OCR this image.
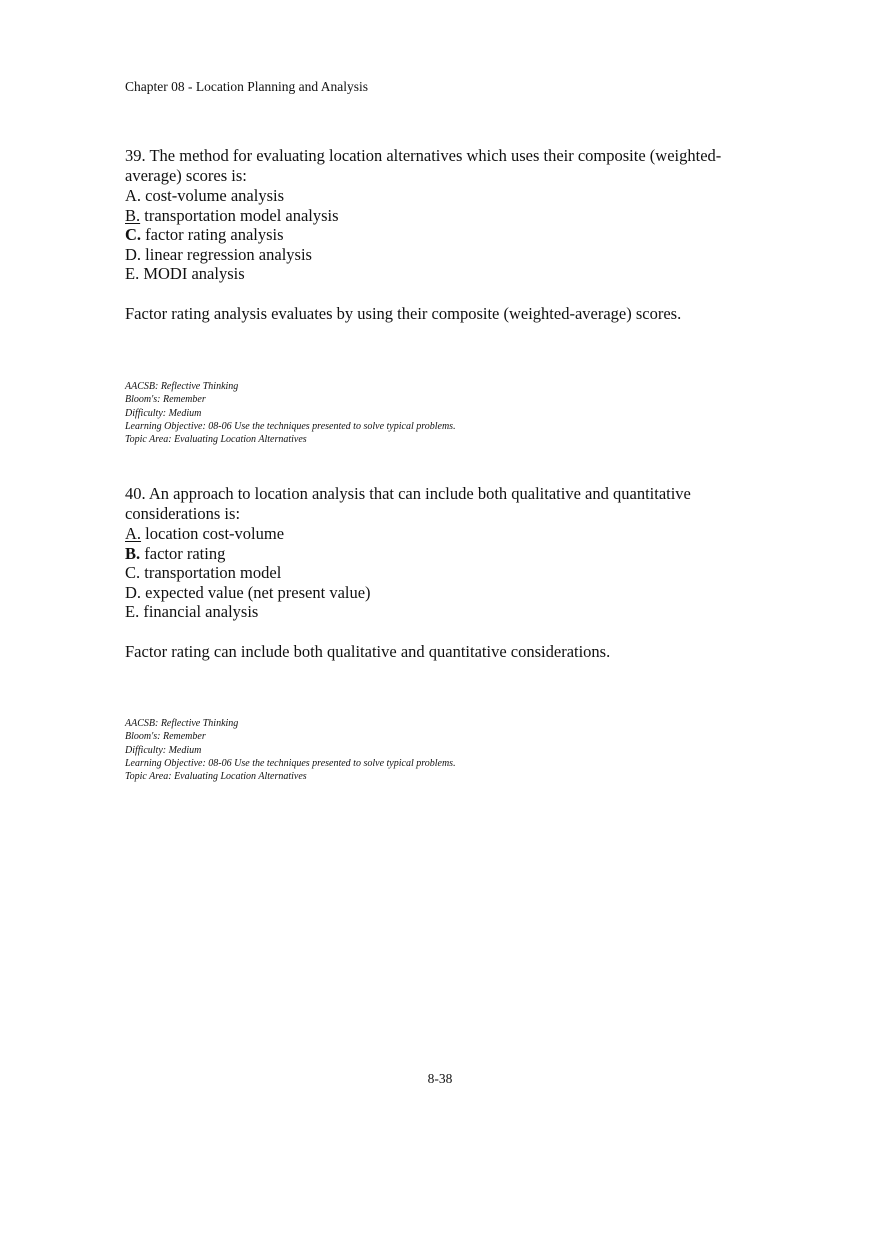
Chapter 08 - Location Planning and Analysis
39. The method for evaluating location alternatives which uses their composite (weighted-average) scores is:
A. cost-volume analysis
B. transportation model analysis
C. factor rating analysis
D. linear regression analysis
E. MODI analysis
Factor rating analysis evaluates by using their composite (weighted-average) scores.
AACSB: Reflective Thinking
Bloom's: Remember
Difficulty: Medium
Learning Objective: 08-06 Use the techniques presented to solve typical problems.
Topic Area: Evaluating Location Alternatives
40. An approach to location analysis that can include both qualitative and quantitative considerations is:
A. location cost-volume
B. factor rating
C. transportation model
D. expected value (net present value)
E. financial analysis
Factor rating can include both qualitative and quantitative considerations.
AACSB: Reflective Thinking
Bloom's: Remember
Difficulty: Medium
Learning Objective: 08-06 Use the techniques presented to solve typical problems.
Topic Area: Evaluating Location Alternatives
8-38
